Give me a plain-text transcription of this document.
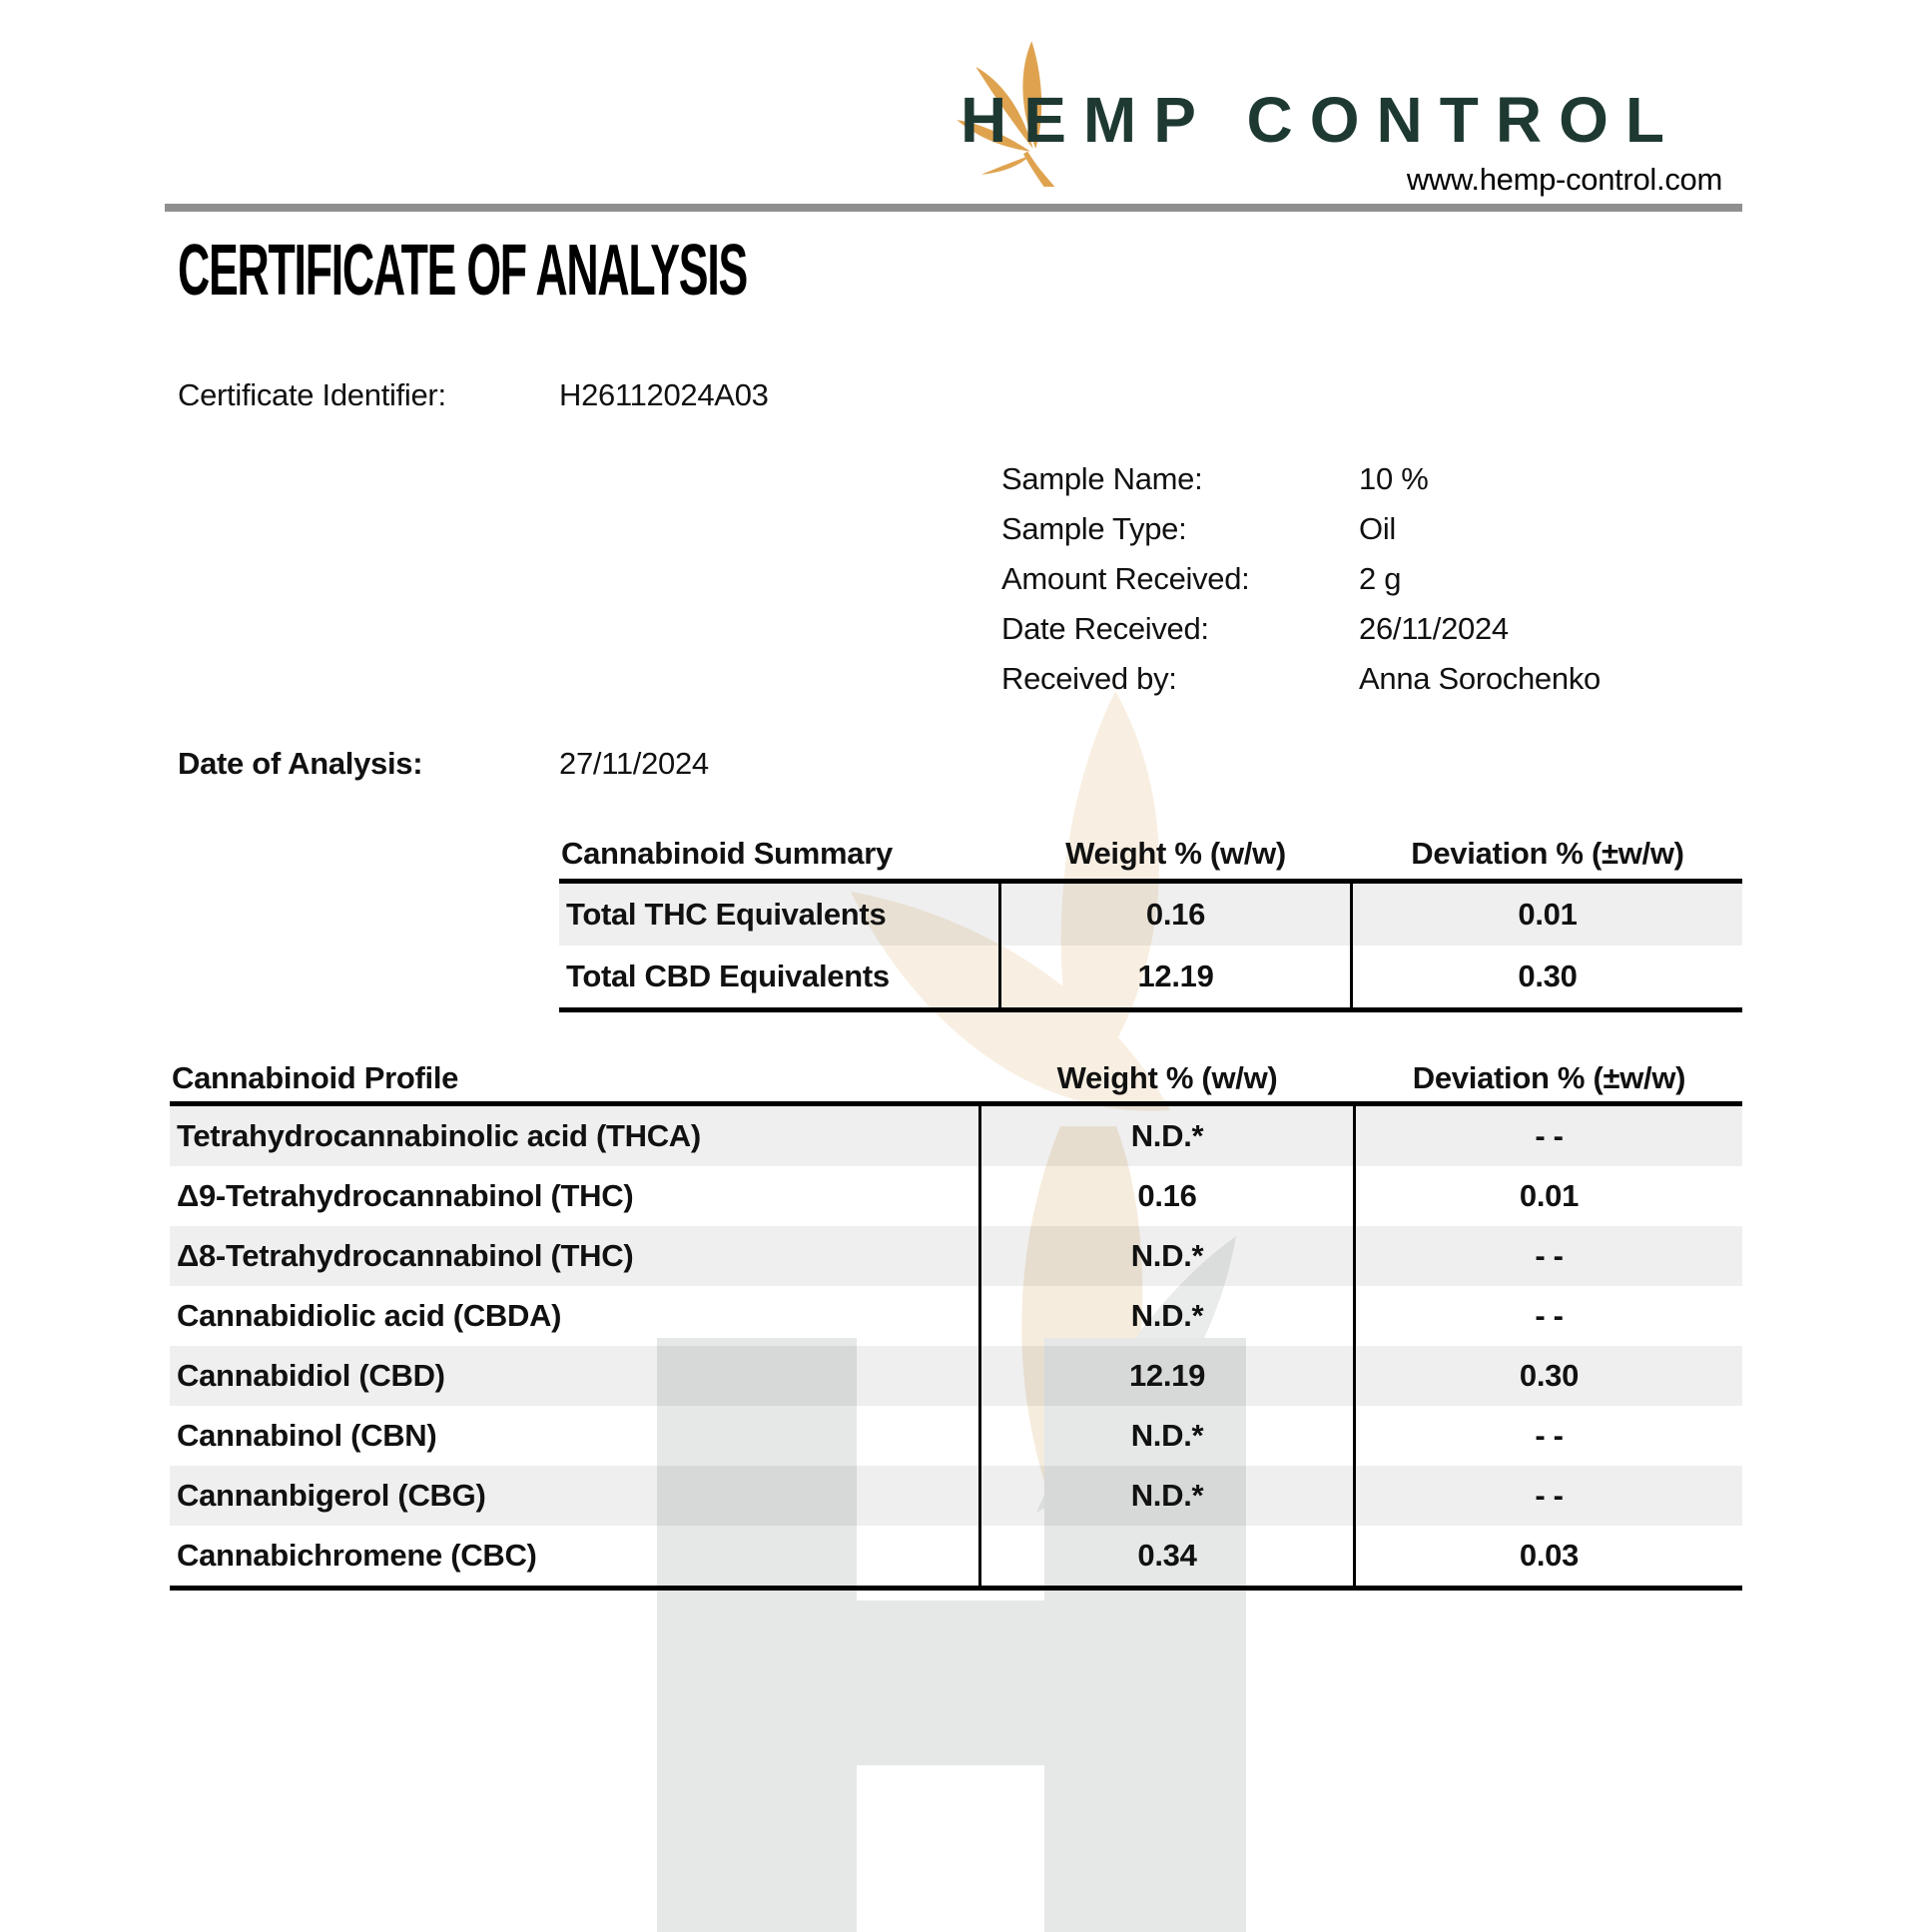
HEMP CONTROL
www.hemp-control.com
CERTIFICATE OF ANALYSIS
Certificate Identifier:	H26112024A03
Sample Name:	10 %
Sample Type:	Oil
Amount Received:	2 g
Date Received:	26/11/2024
Received by:	Anna Sorochenko
Date of Analysis:	27/11/2024
Cannabinoid Summary	Weight % (w/w)	Deviation % (±w/w)
Total THC Equivalents	0.16	0.01
Total CBD Equivalents	12.19	0.30
Cannabinoid Profile	Weight % (w/w)	Deviation % (±w/w)
Tetrahydrocannabinolic acid (THCA)	N.D.*	- -
Δ9-Tetrahydrocannabinol (THC)	0.16	0.01
Δ8-Tetrahydrocannabinol (THC)	N.D.*	- -
Cannabidiolic acid (CBDA)	N.D.*	- -
Cannabidiol (CBD)	12.19	0.30
Cannabinol (CBN)	N.D.*	- -
Cannanbigerol (CBG)	N.D.*	- -
Cannabichromene (CBC)	0.34	0.03
